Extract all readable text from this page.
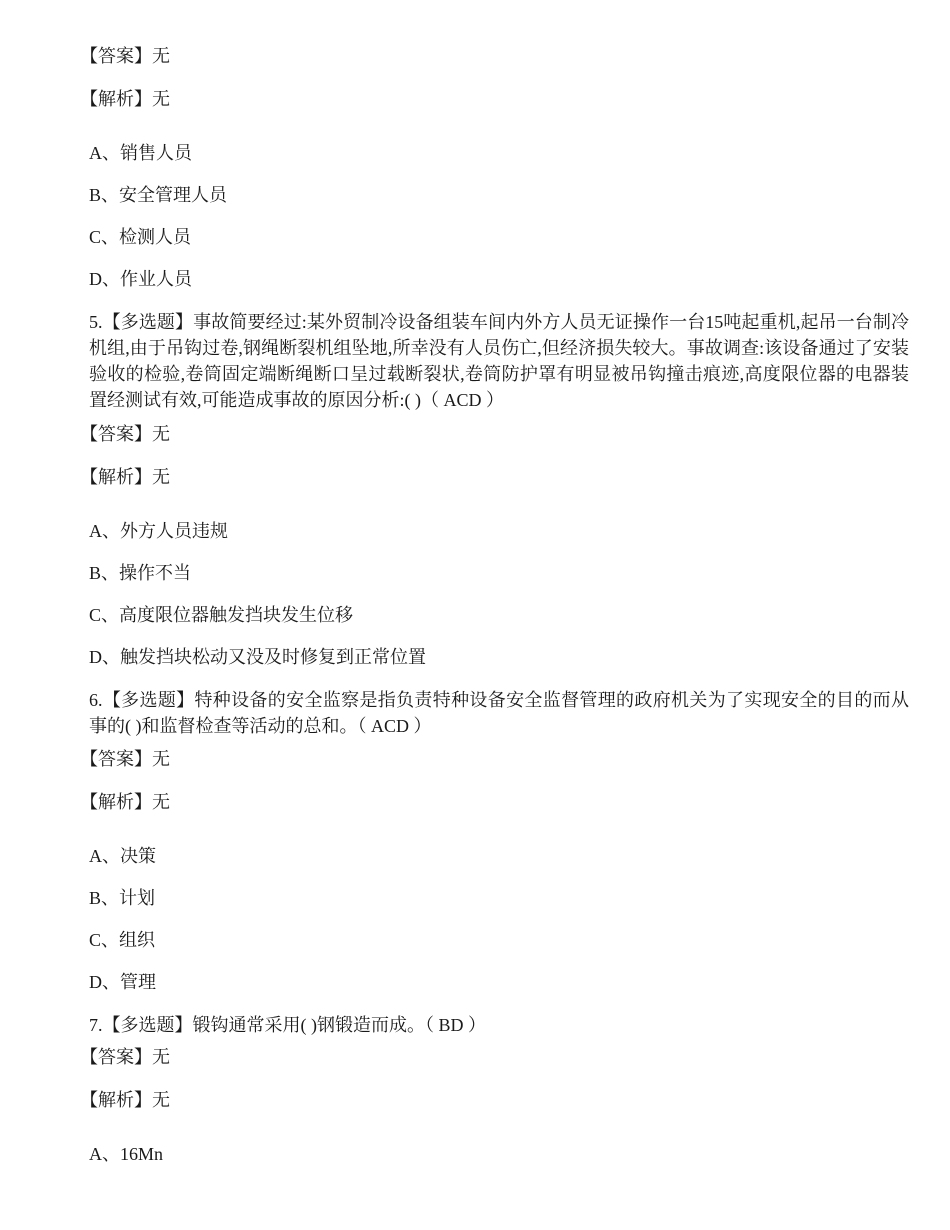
【答案】无
【解析】无
A、销售人员
B、安全管理人员
C、检测人员
D、作业人员
5.【多选题】事故简要经过:某外贸制冷设备组装车间内外方人员无证操作一台15吨起重机,起吊一台制冷机组,由于吊钩过卷,钢绳断裂机组坠地,所幸没有人员伤亡,但经济损失较大。事故调查:该设备通过了安装验收的检验,卷筒固定端断绳断口呈过载断裂状,卷筒防护罩有明显被吊钩撞击痕迹,高度限位器的电器装置经测试有效,可能造成事故的原因分析:( )（ ACD ）
【答案】无
【解析】无
A、外方人员违规
B、操作不当
C、高度限位器触发挡块发生位移
D、触发挡块松动又没及时修复到正常位置
6.【多选题】特种设备的安全监察是指负责特种设备安全监督管理的政府机关为了实现安全的目的而从事的( )和监督检查等活动的总和。（ ACD ）
【答案】无
【解析】无
A、决策
B、计划
C、组织
D、管理
7.【多选题】锻钩通常采用( )钢锻造而成。（ BD ）
【答案】无
【解析】无
A、16Mn
